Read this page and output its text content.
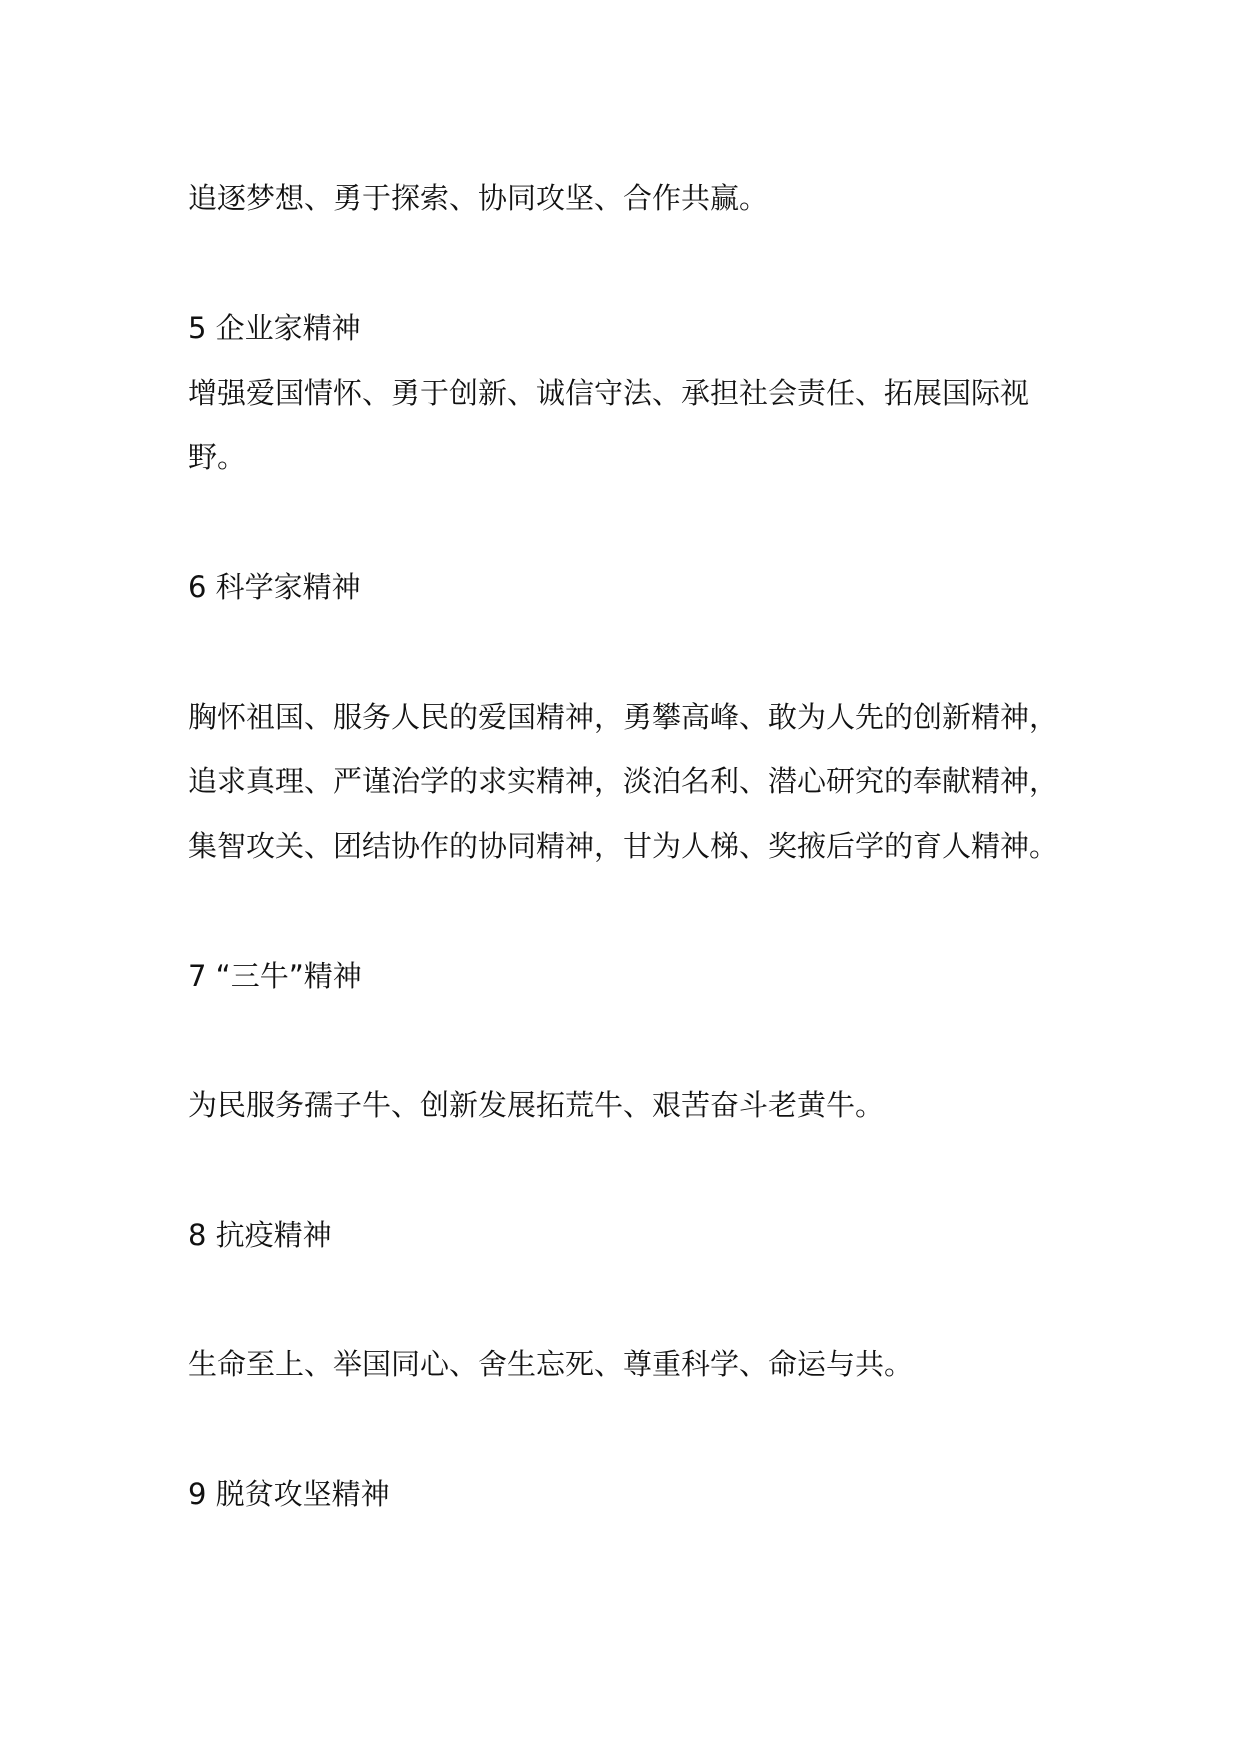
追逐梦想、勇于探索、协同攻坚、合作共赢。
5 企业家精神
增强爱国情怀、勇于创新、诚信守法、承担社会责任、拓展国际视
野。
6 科学家精神
胸怀祖国、服务人民的爱国精神，勇攀高峰、敢为人先的创新精神，
追求真理、严谨治学的求实精神，淡泊名利、潜心研究的奉献精神，
集智攻关、团结协作的协同精神，甘为人梯、奖掖后学的育人精神。
7 “三牛”精神
为民服务孺子牛、创新发展拓荒牛、艰苦奋斗老黄牛。
8 抗疫精神
生命至上、举国同心、舍生忘死、尊重科学、命运与共。
9 脱贫攻坚精神
